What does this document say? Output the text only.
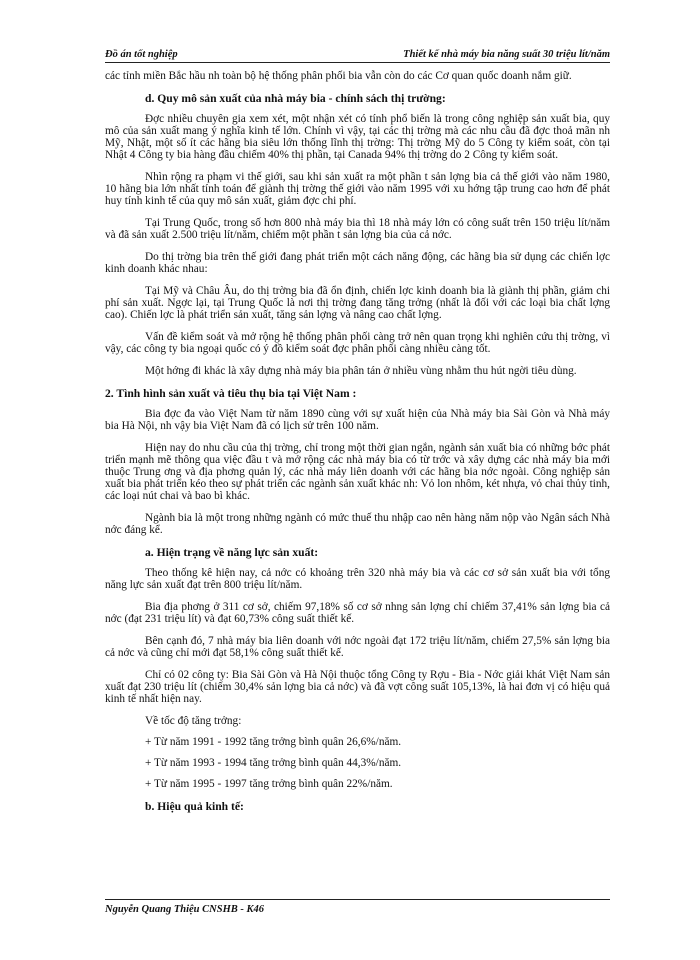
Đồ án tốt nghiệp	Thiết kế nhà máy bia năng suất 30 triệu lít/năm

các tỉnh miền Bắc hầu nh toàn bộ hệ thống phân phối bia vẫn còn do các Cơ quan quốc doanh nắm giữ.

d. Quy mô sản xuất của nhà máy bia - chính sách thị trường:

Đợc nhiều chuyên gia xem xét, một nhận xét có tính phổ biến là trong công nghiệp sản xuất bia, quy mô của sản xuất mang ý nghĩa kinh tế lớn. Chính vì vậy, tại các thị trờng mà các nhu cầu đã đợc thoả mãn nh Mỹ, Nhật, một số ít các hãng bia siêu lớn thống lĩnh thị trờng: Thị trờng Mỹ do 5 Công ty kiểm soát, còn tại Nhật 4 Công ty bia hàng đầu chiếm 40% thị phần, tại Canada 94% thị trờng do 2 Công ty kiểm soát.

Nhìn rộng ra phạm vi thế giới, sau khi sản xuất ra một phần t sản lợng bia cả thế giới vào năm 1980, 10 hãng bia lớn nhất tính toán để giành thị trờng thế giới vào năm 1995 với xu hớng tập trung cao hơn để phát huy tính kinh tế của quy mô sản xuất, giảm đợc chi phí.

Tại Trung Quốc, trong số hơn 800 nhà máy bia thì 18 nhà máy lớn có công suất trên 150 triệu lít/năm và đã sản xuất 2.500 triệu lít/năm, chiếm một phần t sản lợng bia của cả nớc.

Do thị trờng bia trên thế giới đang phát triển một cách năng động, các hãng bia sử dụng các chiến lợc kinh doanh khác nhau:

Tại Mỹ và Châu Âu, do thị trờng bia đã ổn định, chiến lợc kinh doanh bia là giành thị phần, giảm chi phí sản xuất. Ngợc lại, tại Trung Quốc là nơi thị trờng đang tăng trởng (nhất là đối với các loại bia chất lợng cao). Chiến lợc là phát triển sản xuất, tăng sản lợng và nâng cao chất lợng.

Vấn đề kiểm soát và mở rộng hệ thống phân phối càng trở nên quan trọng khi nghiên cứu thị trờng, vì vậy, các công ty bia ngoại quốc có ý đồ kiểm soát đợc phân phối càng nhiều càng tốt.

Một hớng đi khác là xây dựng nhà máy bia phân tán ở nhiều vùng nhằm thu hút ngời tiêu dùng.

2. Tình hình sản xuất và tiêu thụ bia tại Việt Nam :

Bia đợc đa vào Việt Nam từ năm 1890 cùng với sự xuất hiện của Nhà máy bia Sài Gòn và Nhà máy bia Hà Nội, nh vậy bia Việt Nam đã có lịch sử trên 100 năm.

Hiện nay do nhu cầu của thị trờng, chỉ trong một thời gian ngắn, ngành sản xuất bia có những bớc phát triển mạnh mẽ thông qua việc đầu t và mở rộng các nhà máy bia có từ trớc và xây dựng các nhà máy bia mới thuộc Trung ơng và địa phơng quản lý, các nhà máy liên doanh với các hãng bia nớc ngoài. Công nghiệp sản xuất bia phát triển kéo theo sự phát triển các ngành sản xuất khác nh: Vỏ lon nhôm, két nhựa, vỏ chai thủy tinh, các loại nút chai và bao bì khác.

Ngành bia là một trong những ngành có mức thuế thu nhập cao nên hàng năm nộp vào Ngân sách Nhà nớc đáng kể.

a. Hiện trạng về năng lực sản xuất:

Theo thống kê hiện nay, cả nớc có khoảng trên 320 nhà máy bia và các cơ sở sản xuất bia với tổng năng lực sản xuất đạt trên 800 triệu lít/năm.

Bia địa phơng ở 311 cơ sở, chiếm 97,18% số cơ sở nhng sản lợng chỉ chiếm 37,41% sản lợng bia cả nớc (đạt 231 triệu lít) và đạt 60,73% công suất thiết kế.

Bên cạnh đó, 7 nhà máy bia liên doanh với nớc ngoài đạt 172 triệu lít/năm, chiếm 27,5% sản lợng bia cả nớc và cũng chỉ mới đạt 58,1% công suất thiết kế.

Chỉ có 02 công ty: Bia Sài Gòn và Hà Nội thuộc tổng Công ty Rợu - Bia - Nớc giải khát Việt Nam sản xuất đạt 230 triệu lít (chiếm 30,4% sản lợng bia cả nớc) và đã vợt công suất 105,13%, là hai đơn vị có hiệu quả kinh tế nhất hiện nay.

Về tốc độ tăng trởng:

+ Từ năm 1991 - 1992 tăng trởng bình quân 26,6%/năm.

+ Từ năm 1993 - 1994 tăng trởng bình quân 44,3%/năm.

+ Từ năm 1995 - 1997 tăng trởng bình quân 22%/năm.

b. Hiệu quả kinh tế:
Nguyễn Quang Thiệu CNSHB - K46
